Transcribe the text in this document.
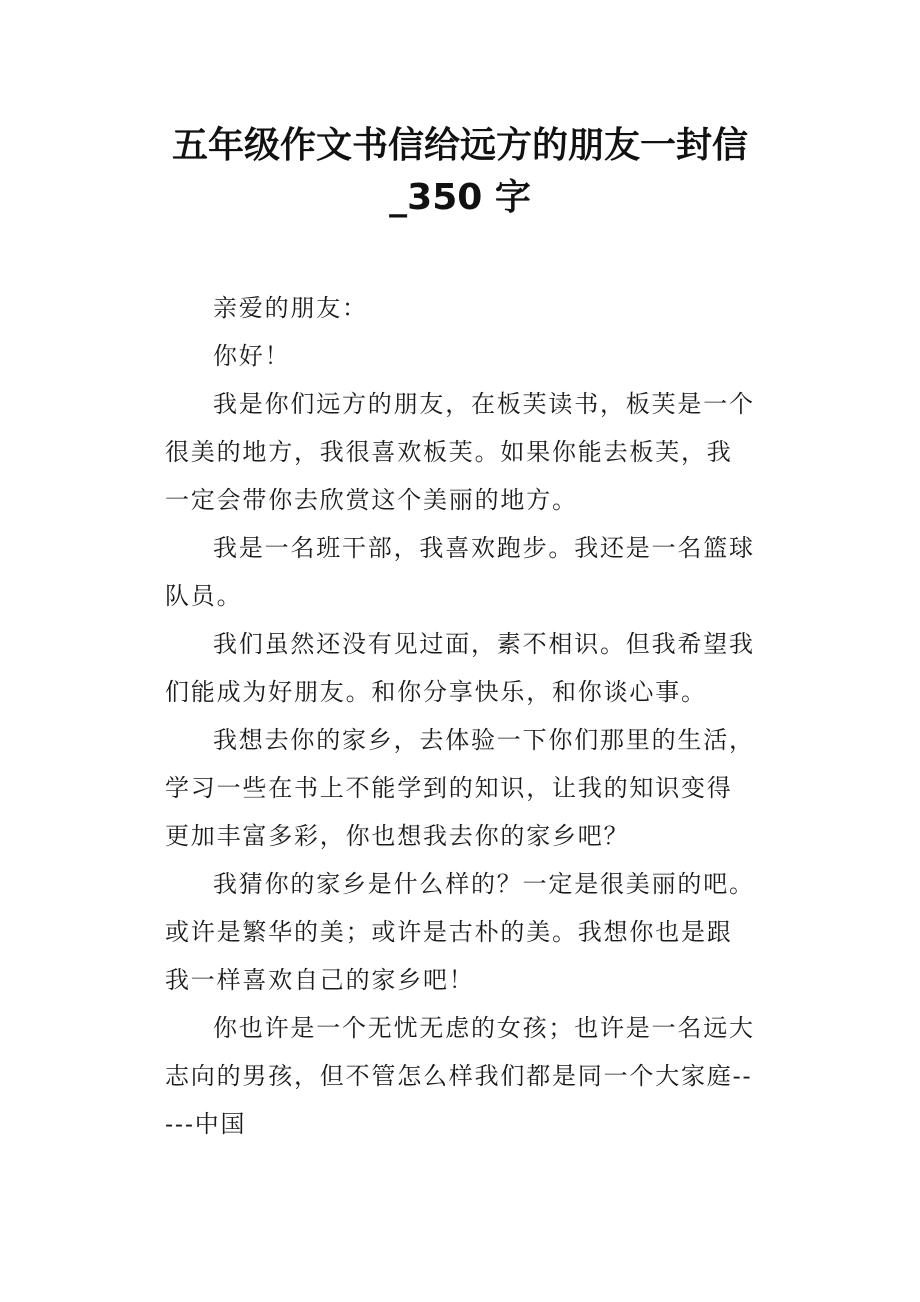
五年级作文书信给远方的朋友一封信
_350 字

亲爱的朋友：

你好！

我是你们远方的朋友，在板芙读书，板芙是一个很美的地方，我很喜欢板芙。如果你能去板芙，我一定会带你去欣赏这个美丽的地方。

我是一名班干部，我喜欢跑步。我还是一名篮球队员。

我们虽然还没有见过面，素不相识。但我希望我们能成为好朋友。和你分享快乐，和你谈心事。

我想去你的家乡，去体验一下你们那里的生活，学习一些在书上不能学到的知识，让我的知识变得更加丰富多彩，你也想我去你的家乡吧？

我猜你的家乡是什么样的？一定是很美丽的吧。或许是繁华的美；或许是古朴的美。我想你也是跟我一样喜欢自己的家乡吧！

你也许是一个无忧无虑的女孩；也许是一名远大志向的男孩，但不管怎么样我们都是同一个大家庭-----中国
